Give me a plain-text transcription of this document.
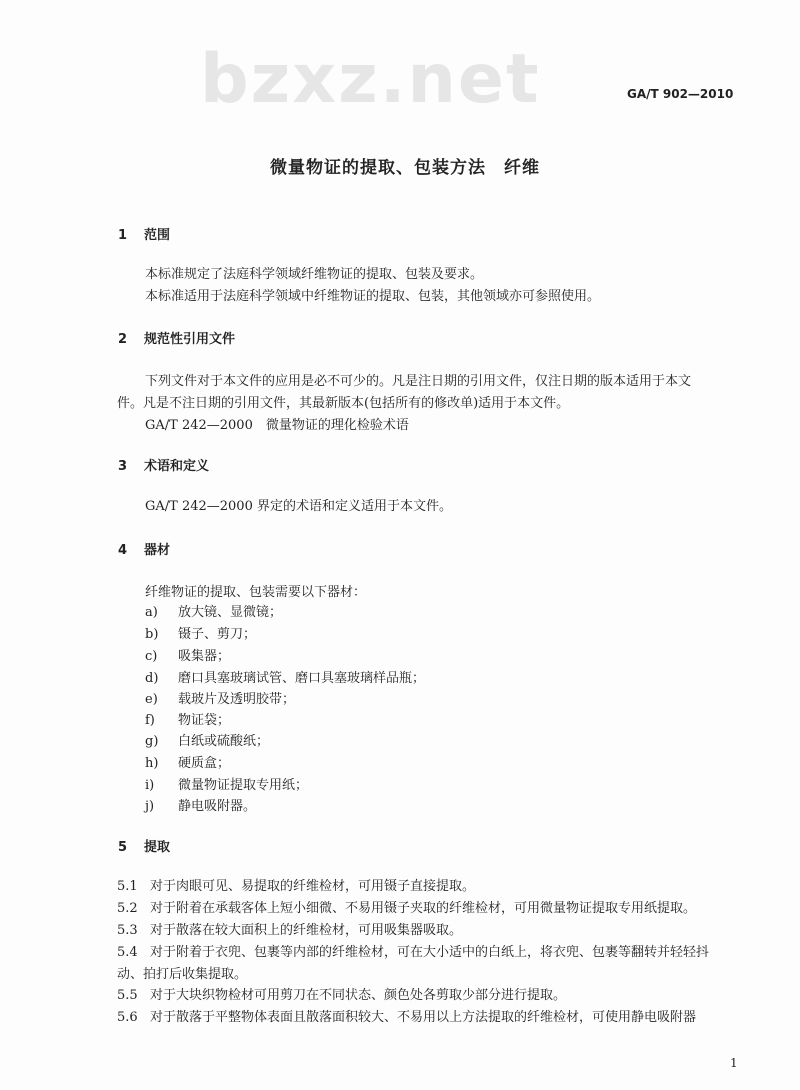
bzxz.net	GA/T 902—2010
微量物证的提取、包装方法　纤维
1 范围
本标准规定了法庭科学领域纤维物证的提取、包装及要求。
本标准适用于法庭科学领域中纤维物证的提取、包装，其他领域亦可参照使用。
2 规范性引用文件
下列文件对于本文件的应用是必不可少的。凡是注日期的引用文件，仅注日期的版本适用于本文
件。凡是不注日期的引用文件，其最新版本(包括所有的修改单)适用于本文件。
GA/T 242—2000　微量物证的理化检验术语
3 术语和定义
GA/T 242—2000 界定的术语和定义适用于本文件。
4 器材
纤维物证的提取、包装需要以下器材：
a) 放大镜、显微镜；
b) 镊子、剪刀；
c) 吸集器；
d) 磨口具塞玻璃试管、磨口具塞玻璃样品瓶；
e) 载玻片及透明胶带；
f) 物证袋；
g) 白纸或硫酸纸；
h) 硬质盒；
i) 微量物证提取专用纸；
j) 静电吸附器。
5 提取
5.1 对于肉眼可见、易提取的纤维检材，可用镊子直接提取。
5.2 对于附着在承载客体上短小细微、不易用镊子夹取的纤维检材，可用微量物证提取专用纸提取。
5.3 对于散落在较大面积上的纤维检材，可用吸集器吸取。
5.4 对于附着于衣兜、包裹等内部的纤维检材，可在大小适中的白纸上，将衣兜、包裹等翻转并轻轻抖
动、拍打后收集提取。
5.5 对于大块织物检材可用剪刀在不同状态、颜色处各剪取少部分进行提取。
5.6 对于散落于平整物体表面且散落面积较大、不易用以上方法提取的纤维检材，可使用静电吸附器
1
